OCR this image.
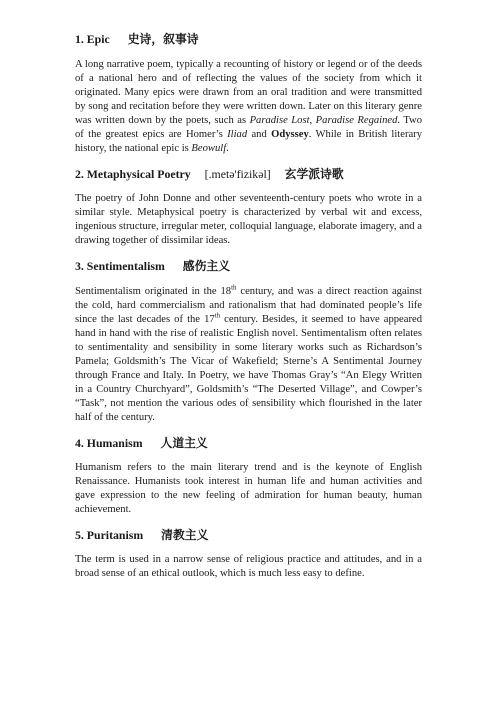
1. Epic 史诗，叙事诗

A long narrative poem, typically a recounting of history or legend or of the deeds of a national hero and of reflecting the values of the society from which it originated. Many epics were drawn from an oral tradition and were transmitted by song and recitation before they were written down. Later on this literary genre was written down by the poets, such as Paradise Lost, Paradise Regained. Two of the greatest epics are Homer’s Iliad and Odyssey. While in British literary history, the national epic is Beowulf.

2. Metaphysical Poetry [.metə'fizikəl] 玄学派诗歌

The poetry of John Donne and other seventeenth-century poets who wrote in a similar style. Metaphysical poetry is characterized by verbal wit and excess, ingenious structure, irregular meter, colloquial language, elaborate imagery, and a drawing together of dissimilar ideas.

3. Sentimentalism 感伤主义

Sentimentalism originated in the 18th century, and was a direct reaction against the cold, hard commercialism and rationalism that had dominated people’s life since the last decades of the 17th century. Besides, it seemed to have appeared hand in hand with the rise of realistic English novel. Sentimentalism often relates to sentimentality and sensibility in some literary works such as Richardson’s Pamela; Goldsmith’s The Vicar of Wakefield; Sterne’s A Sentimental Journey through France and Italy. In Poetry, we have Thomas Gray’s “An Elegy Written in a Country Churchyard”, Goldsmith’s “The Deserted Village”, and Cowper’s “Task”, not mention the various odes of sensibility which flourished in the later half of the century.

4. Humanism 人道主义

Humanism refers to the main literary trend and is the keynote of English Renaissance. Humanists took interest in human life and human activities and gave expression to the new feeling of admiration for human beauty, human achievement.

5. Puritanism 清教主义

The term is used in a narrow sense of religious practice and attitudes, and in a broad sense of an ethical outlook, which is much less easy to define.
